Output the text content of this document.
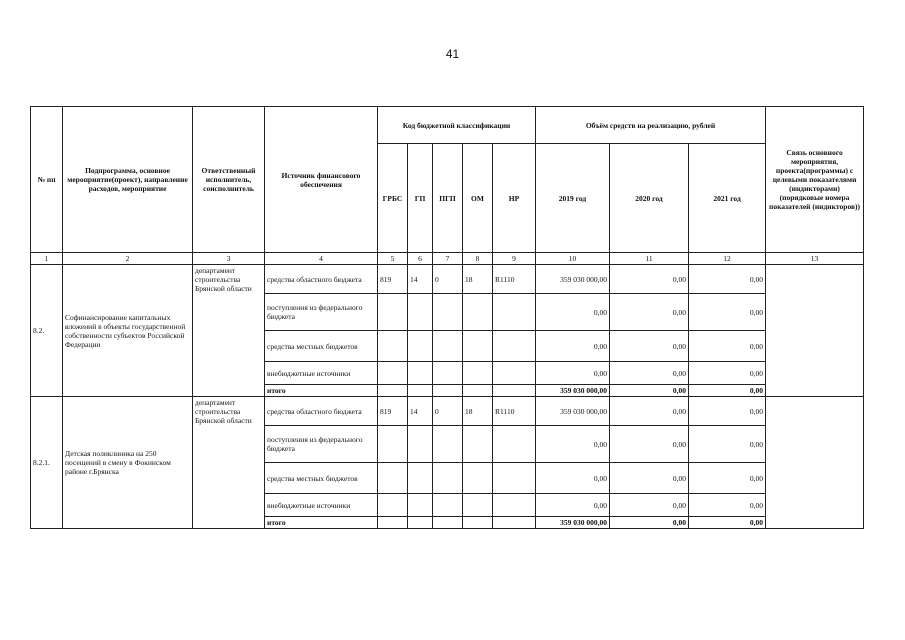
41
№ пп	Подпрограмма, основное мероприятие(проект), направление расходов, мероприятие	Ответственный исполнитель, соисполнитель	Источник финансового обеспечения	Код бюджетной классификации					Объём средств на реализацию, рублей			Связь основного мероприятия, проекта(программы) с целевыми показателями (индикторами) (порядковые номера показателей (индикторов))
				ГРБС	ГП	ПГП	ОМ	НР	2019 год	2020 год	2021 год	
1	2	3	4	5	6	7	8	9	10	11	12	13
8.2.	Софинансирование капитальных вложений в объекты государственной собственности субъектов Российской Федерации	департамент строительства Брянской области	средства областного бюджета	819	14	0	18	R1110	359 030 000,00	0,00	0,00	
			поступления из федерального бюджета						0,00	0,00	0,00	
			средства местных бюджетов						0,00	0,00	0,00	
			внебюджетные источники						0,00	0,00	0,00	
			итого						359 030 000,00	0,00	0,00	
8.2.1.	Детская поликлиника на 250 посещений в смену в Фокинском районе г.Брянска	департамент строительства Брянской области	средства областного бюджета	819	14	0	18	R1110	359 030 000,00	0,00	0,00	
			поступления из федерального бюджета						0,00	0,00	0,00	
			средства местных бюджетов						0,00	0,00	0,00	
			внебюджетные источники						0,00	0,00	0,00	
			итого						359 030 000,00	0,00	0,00	
